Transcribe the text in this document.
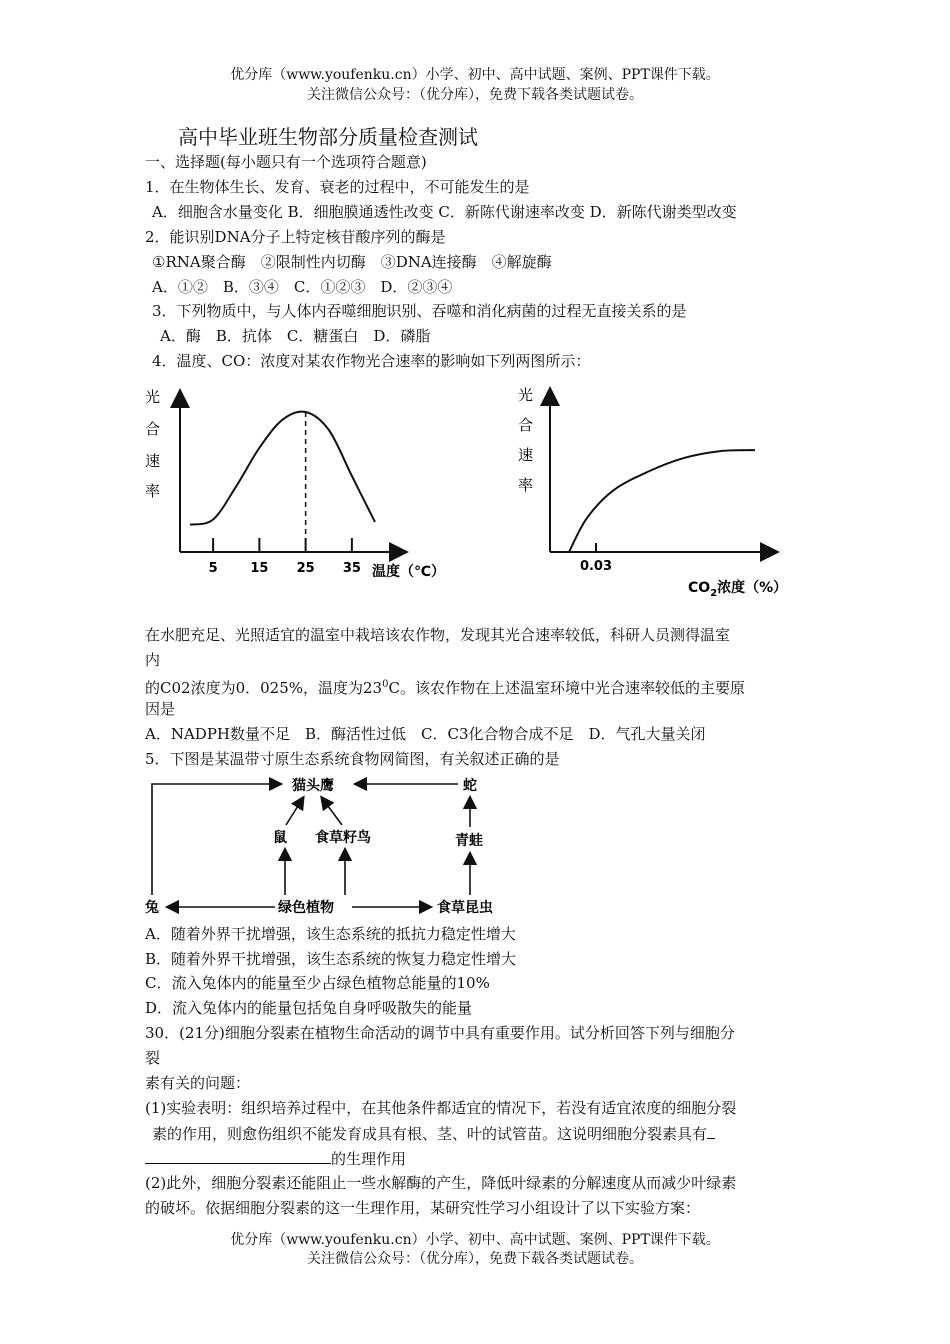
优分库（www.youfenku.cn）小学、初中、高中试题、案例、PPT课件下载。
关注微信公众号：（优分库），免费下载各类试题试卷。
高中毕业班生物部分质量检查测试
一、选择题(每小题只有一个选项符合题意)
1．在生物体生长、发育、衰老的过程中，不可能发生的是
A．细胞含水量变化 B．细胞膜通透性改变 C．新陈代谢速率改变 D．新陈代谢类型改变
2．能识别DNA分子上特定核苷酸序列的酶是
①RNA聚合酶　②限制性内切酶　③DNA连接酶　④解旋酶
A．①②　B．③④　C．①②③　D．②③④
3．下列物质中，与人体内吞噬细胞识别、吞噬和消化病菌的过程无直接关系的是
A．酶　B．抗体　C．糖蛋白　D．磷脂
4．温度、CO：浓度对某农作物光合速率的影响如下列两图所示：
光
合
速
率
5	15 25 35 温度（℃）
光
合
速
率
0.03
$CO_2$浓度（%）
在水肥充足、光照适宜的温室中栽培该农作物，发现其光合速率较低，科研人员测得温室
内
的C02浓度为0．025%，温度为$23^0C$。该农作物在上述温室环境中光合速率较低的主要原
因是
A．NADPH数量不足　B．酶活性过低　C．C3化合物合成不足　D．气孔大量关闭
5．下图是某温带寸原生态系统食物网简图，有关叙述正确的是
猫头鹰	蛇
鼠 食草籽鸟	青蛙
兔	绿色植物	食草昆虫
A．随着外界干扰增强，该生态系统的抵抗力稳定性增大
B．随着外界干扰增强，该生态系统的恢复力稳定性增大
C．流入兔体内的能量至少占绿色植物总能量的10%
D．流入兔体内的能量包括兔自身呼吸散失的能量
30．(21分)细胞分裂素在植物生命活动的调节中具有重要作用。试分析回答下列与细胞分
裂
素有关的问题：
(1)实验表明：组织培养过程中，在其他条件都适宜的情况下，若没有适宜浓度的细胞分裂
素的作用，则愈伤组织不能发育成具有根、茎、叶的试管苗。这说明细胞分裂素具有
的生理作用
(2)此外，细胞分裂素还能阻止一些水解酶的产生，降低叶绿素的分解速度从而减少叶绿素
的破坏。依据细胞分裂素的这一生理作用，某研究性学习小组设计了以下实验方案：
优分库（www.youfenku.cn）小学、初中、高中试题、案例、PPT课件下载。
关注微信公众号：（优分库），免费下载各类试题试卷。
